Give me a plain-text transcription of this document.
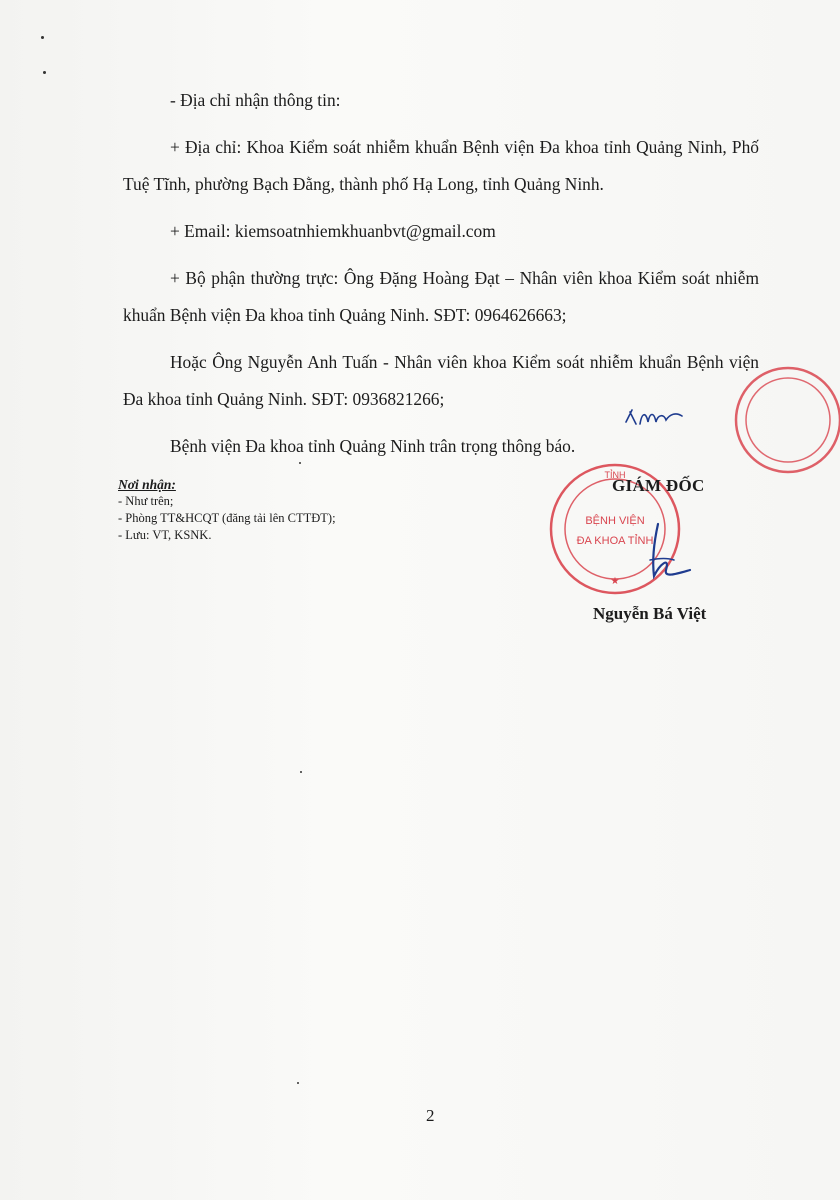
- Địa chỉ nhận thông tin:

+ Địa chỉ: Khoa Kiểm soát nhiễm khuẩn Bệnh viện Đa khoa tỉnh Quảng Ninh, Phố Tuệ Tĩnh, phường Bạch Đằng, thành phố Hạ Long, tỉnh Quảng Ninh.

+ Email: kiemsoatnhiemkhuanbvt@gmail.com

+ Bộ phận thường trực: Ông Đặng Hoàng Đạt – Nhân viên khoa Kiểm soát nhiễm khuẩn Bệnh viện Đa khoa tỉnh Quảng Ninh. SĐT: 0964626663;

Hoặc Ông Nguyễn Anh Tuấn - Nhân viên khoa Kiểm soát nhiễm khuẩn Bệnh viện Đa khoa tỉnh Quảng Ninh. SĐT: 0936821266;

Bệnh viện Đa khoa tỉnh Quảng Ninh trân trọng thông báo.

Nơi nhận:
- Như trên;
- Phòng TT&HCQT (đăng tải lên CTTĐT);
- Lưu: VT, KSNK.
TỈNH
BỆNH VIỆN
ĐA KHOA TỈNH
★
GIÁM ĐỐC
Nguyễn Bá Việt
2
